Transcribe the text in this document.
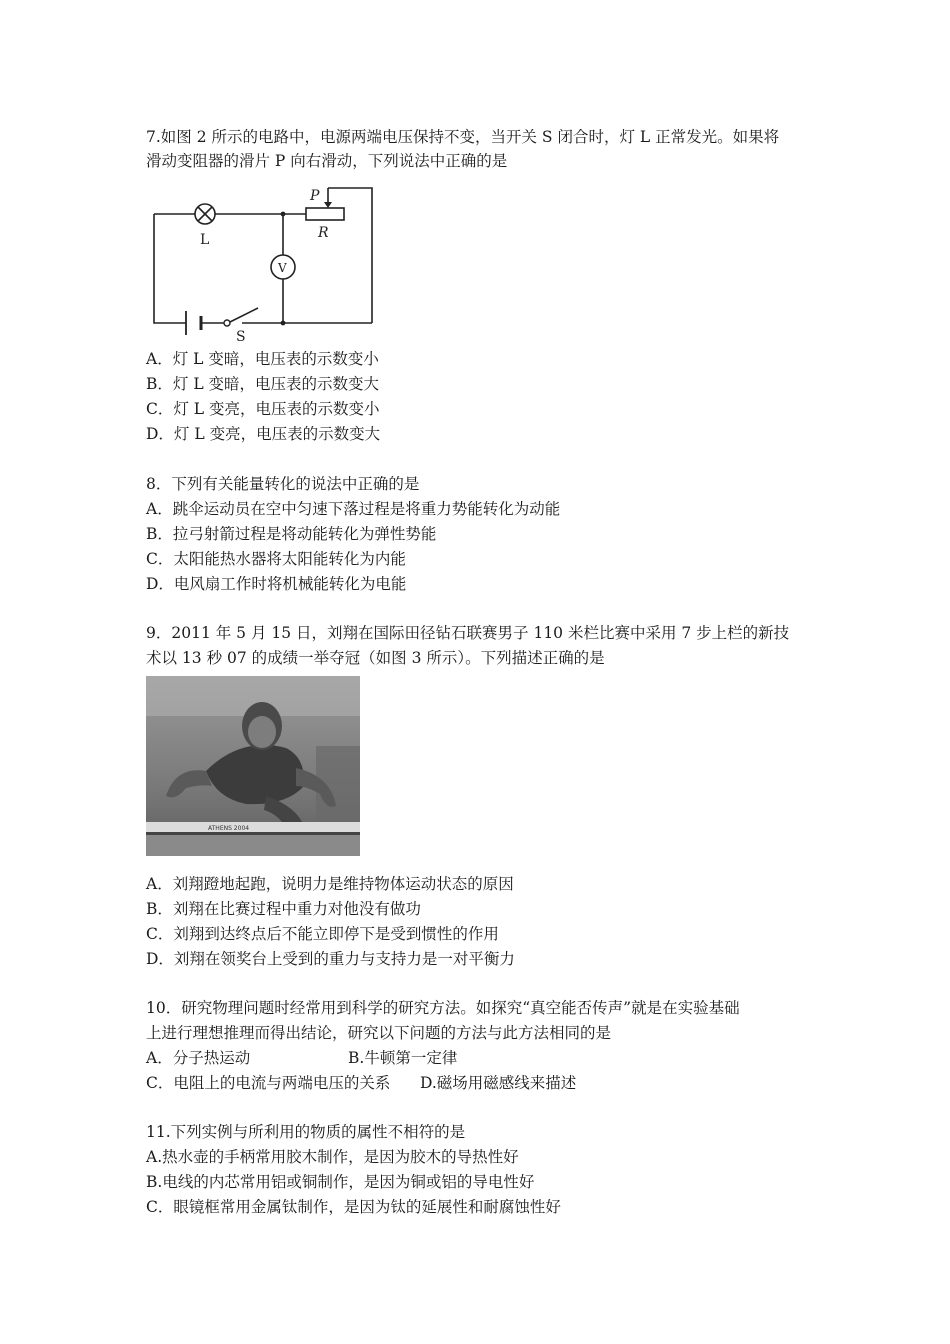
7.如图 2 所示的电路中，电源两端电压保持不变，当开关 S 闭合时，灯 L 正常发光。如果将
滑动变阻器的滑片 P 向右滑动，下列说法中正确的是
L
P
R
V
S
A．灯 L 变暗，电压表的示数变小
B．灯 L 变暗，电压表的示数变大
C．灯 L 变亮，电压表的示数变小
D．灯 L 变亮，电压表的示数变大
8．下列有关能量转化的说法中正确的是
A．跳伞运动员在空中匀速下落过程是将重力势能转化为动能
B．拉弓射箭过程是将动能转化为弹性势能
C．太阳能热水器将太阳能转化为内能
D．电风扇工作时将机械能转化为电能
9．2011 年 5 月 15 日，刘翔在国际田径钻石联赛男子 110 米栏比赛中采用 7 步上栏的新技
术以 13 秒 07 的成绩一举夺冠（如图 3 所示）。下列描述正确的是
ATHENS 2004
A．刘翔蹬地起跑，说明力是维持物体运动状态的原因
B．刘翔在比赛过程中重力对他没有做功
C．刘翔到达终点后不能立即停下是受到惯性的作用
D．刘翔在领奖台上受到的重力与支持力是一对平衡力
10．研究物理问题时经常用到科学的研究方法。如探究“真空能否传声”就是在实验基础
上进行理想推理而得出结论，研究以下问题的方法与此方法相同的是
A．分子热运动	B.牛顿第一定律
C．电阻上的电流与两端电压的关系 D.磁场用磁感线来描述
11.下列实例与所利用的物质的属性不相符的是
A.热水壶的手柄常用胶木制作，是因为胶木的导热性好
B.电线的内芯常用铝或铜制作，是因为铜或铝的导电性好
C．眼镜框常用金属钛制作，是因为钛的延展性和耐腐蚀性好
